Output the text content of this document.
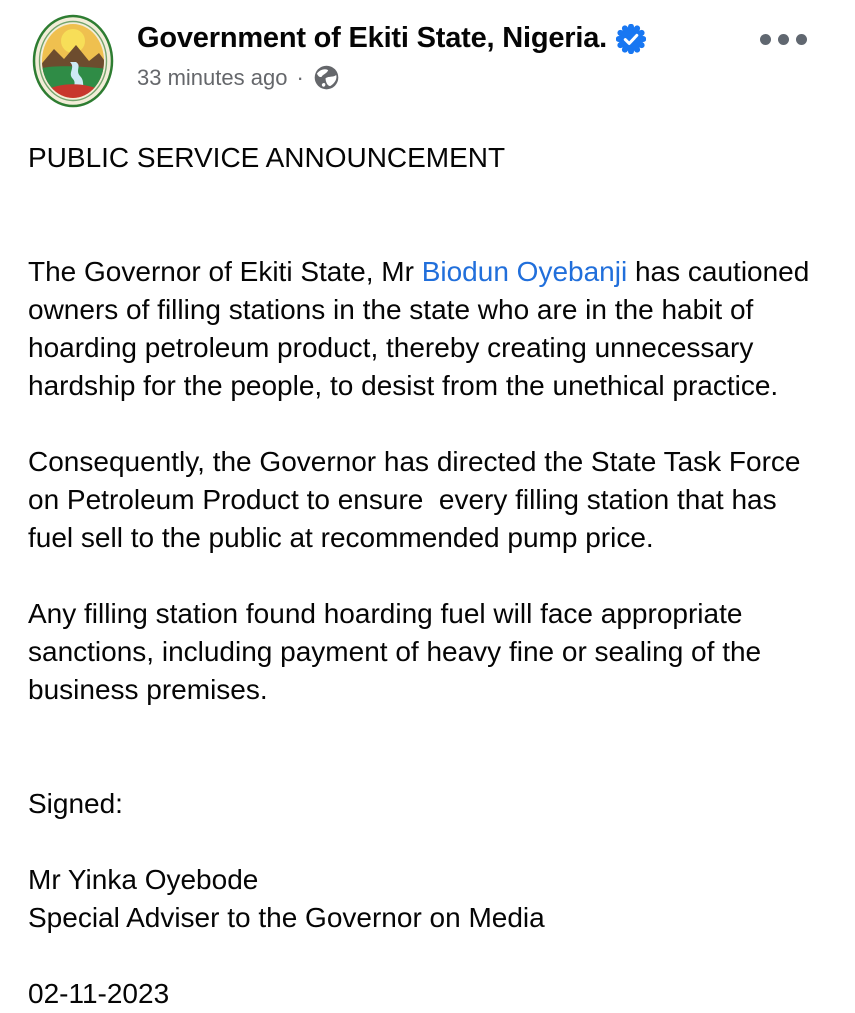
Government of Ekiti State, Nigeria.
33 minutes ago ·

PUBLIC SERVICE ANNOUNCEMENT

The Governor of Ekiti State, Mr Biodun Oyebanji has cautioned owners of filling stations in the state who are in the habit of hoarding petroleum product, thereby creating unnecessary hardship for the people, to desist from the unethical practice.

Consequently, the Governor has directed the State Task Force on Petroleum Product to ensure  every filling station that has fuel sell to the public at recommended pump price.

Any filling station found hoarding fuel will face appropriate sanctions, including payment of heavy fine or sealing of the business premises.

Signed:

Mr Yinka Oyebode

Special Adviser to the Governor on Media

02-11-2023
